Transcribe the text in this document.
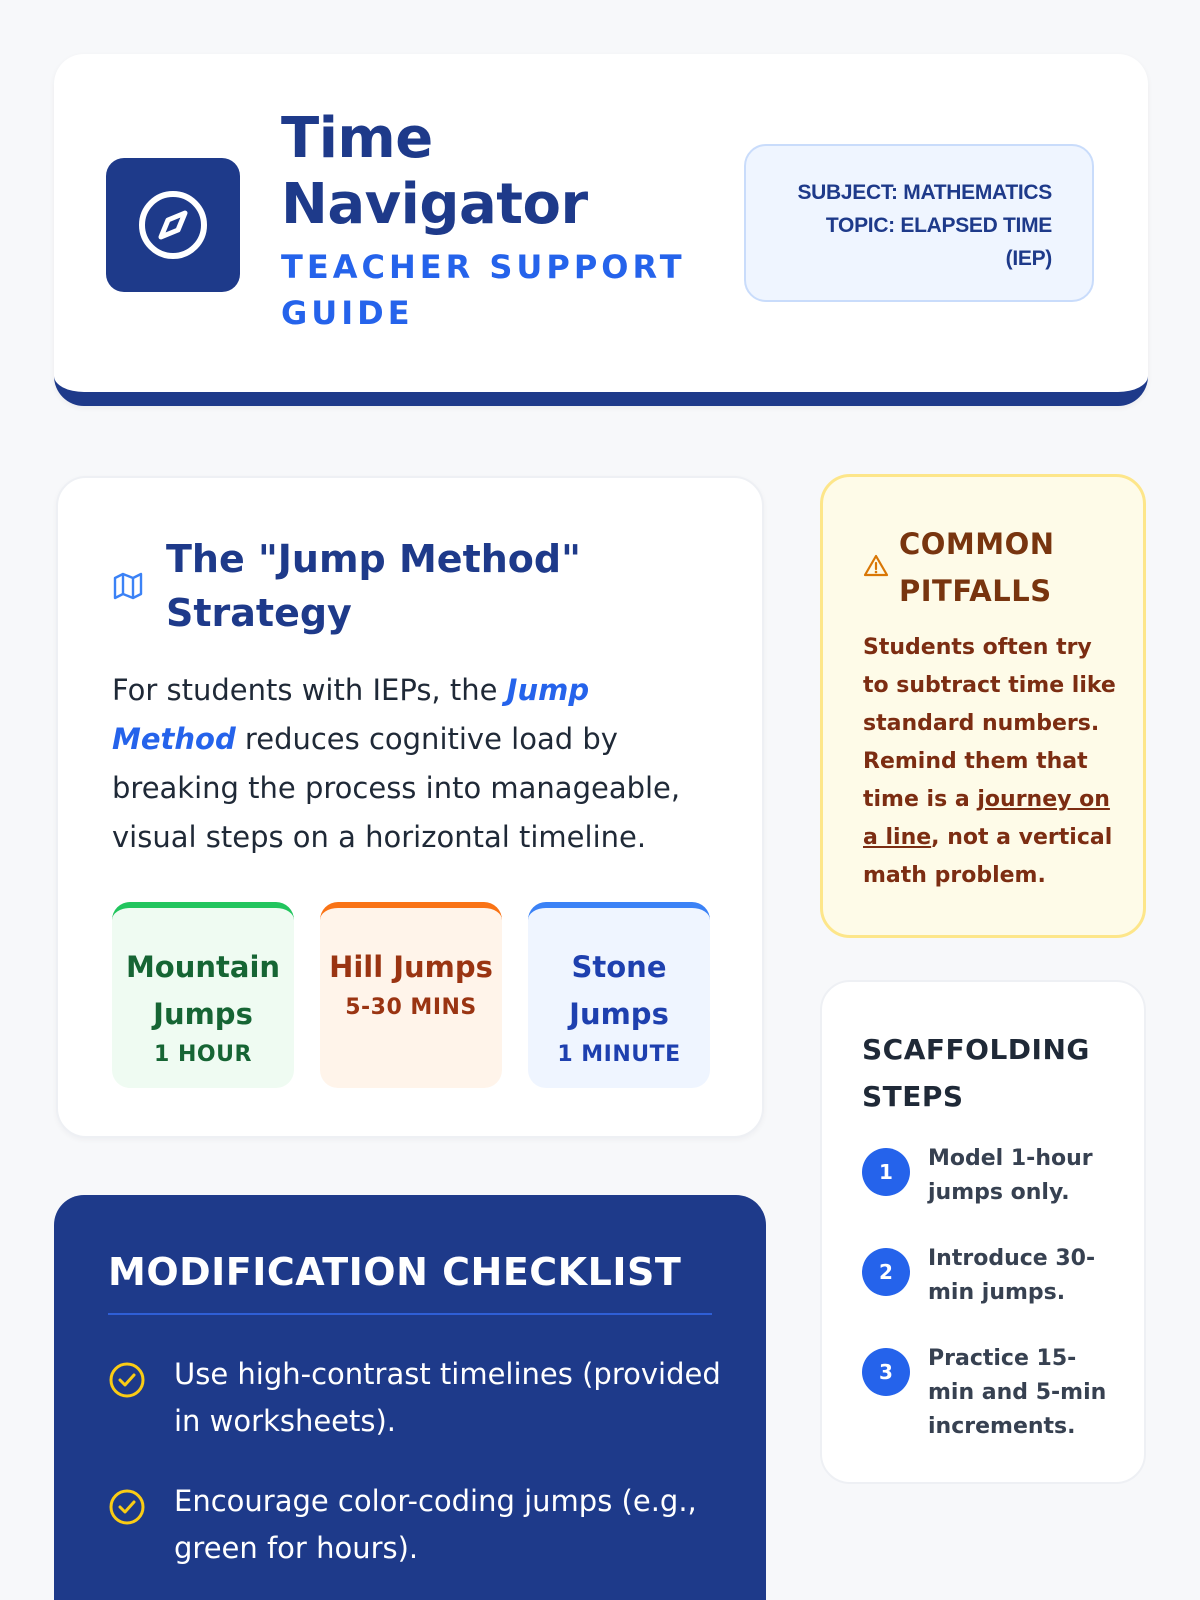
Time Navigator
TEACHER SUPPORT GUIDE
SUBJECT: MATHEMATICS
TOPIC: ELAPSED TIME (IEP)
The "Jump Method" Strategy
For students with IEPs, the Jump Method reduces cognitive load by breaking the process into manageable, visual steps on a horizontal timeline.
Mountain Jumps
1 HOUR
Hill Jumps
5-30 MINS
Stone Jumps
1 MINUTE
MODIFICATION CHECKLIST
Use high-contrast timelines (provided in worksheets).
Encourage color-coding jumps (e.g., green for hours).
COMMON PITFALLS
Students often try to subtract time like standard numbers. Remind them that time is a journey on a line, not a vertical math problem.
SCAFFOLDING STEPS
1
Model 1-hour jumps only.
2
Introduce 30-min jumps.
3
Practice 15-min and 5-min increments.
